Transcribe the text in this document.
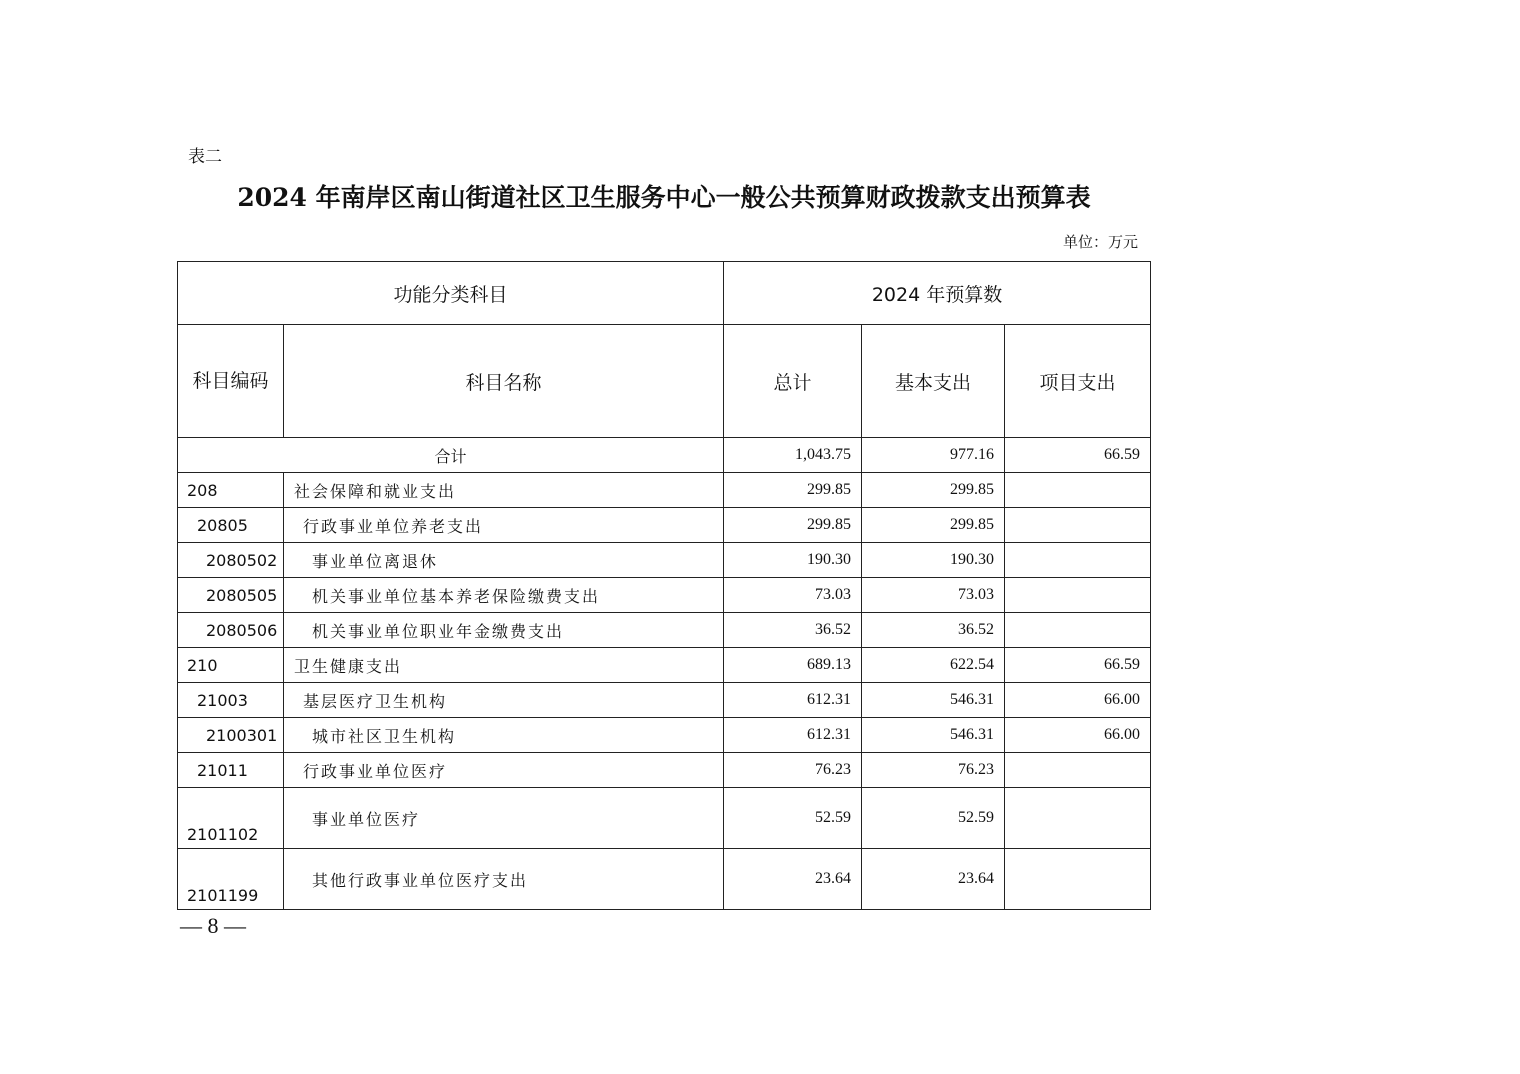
表二
2024 年南岸区南山街道社区卫生服务中心一般公共预算财政拨款支出预算表
单位：万元
功能分类科目		2024 年预算数		
科目编码	科目名称	总计	基本支出	项目支出
合计		1,043.75	977.16	66.59
208	社会保障和就业支出	299.85	299.85	
20805	行政事业单位养老支出	299.85	299.85	
2080502	事业单位离退休	190.30	190.30	
2080505	机关事业单位基本养老保险缴费支出	73.03	73.03	
2080506	机关事业单位职业年金缴费支出	36.52	36.52	
210	卫生健康支出	689.13	622.54	66.59
21003	基层医疗卫生机构	612.31	546.31	66.00
2100301	城市社区卫生机构	612.31	546.31	66.00
21011	行政事业单位医疗	76.23	76.23	
2101102	事业单位医疗	52.59	52.59	
2101199	其他行政事业单位医疗支出	23.64	23.64	
— 8 —
